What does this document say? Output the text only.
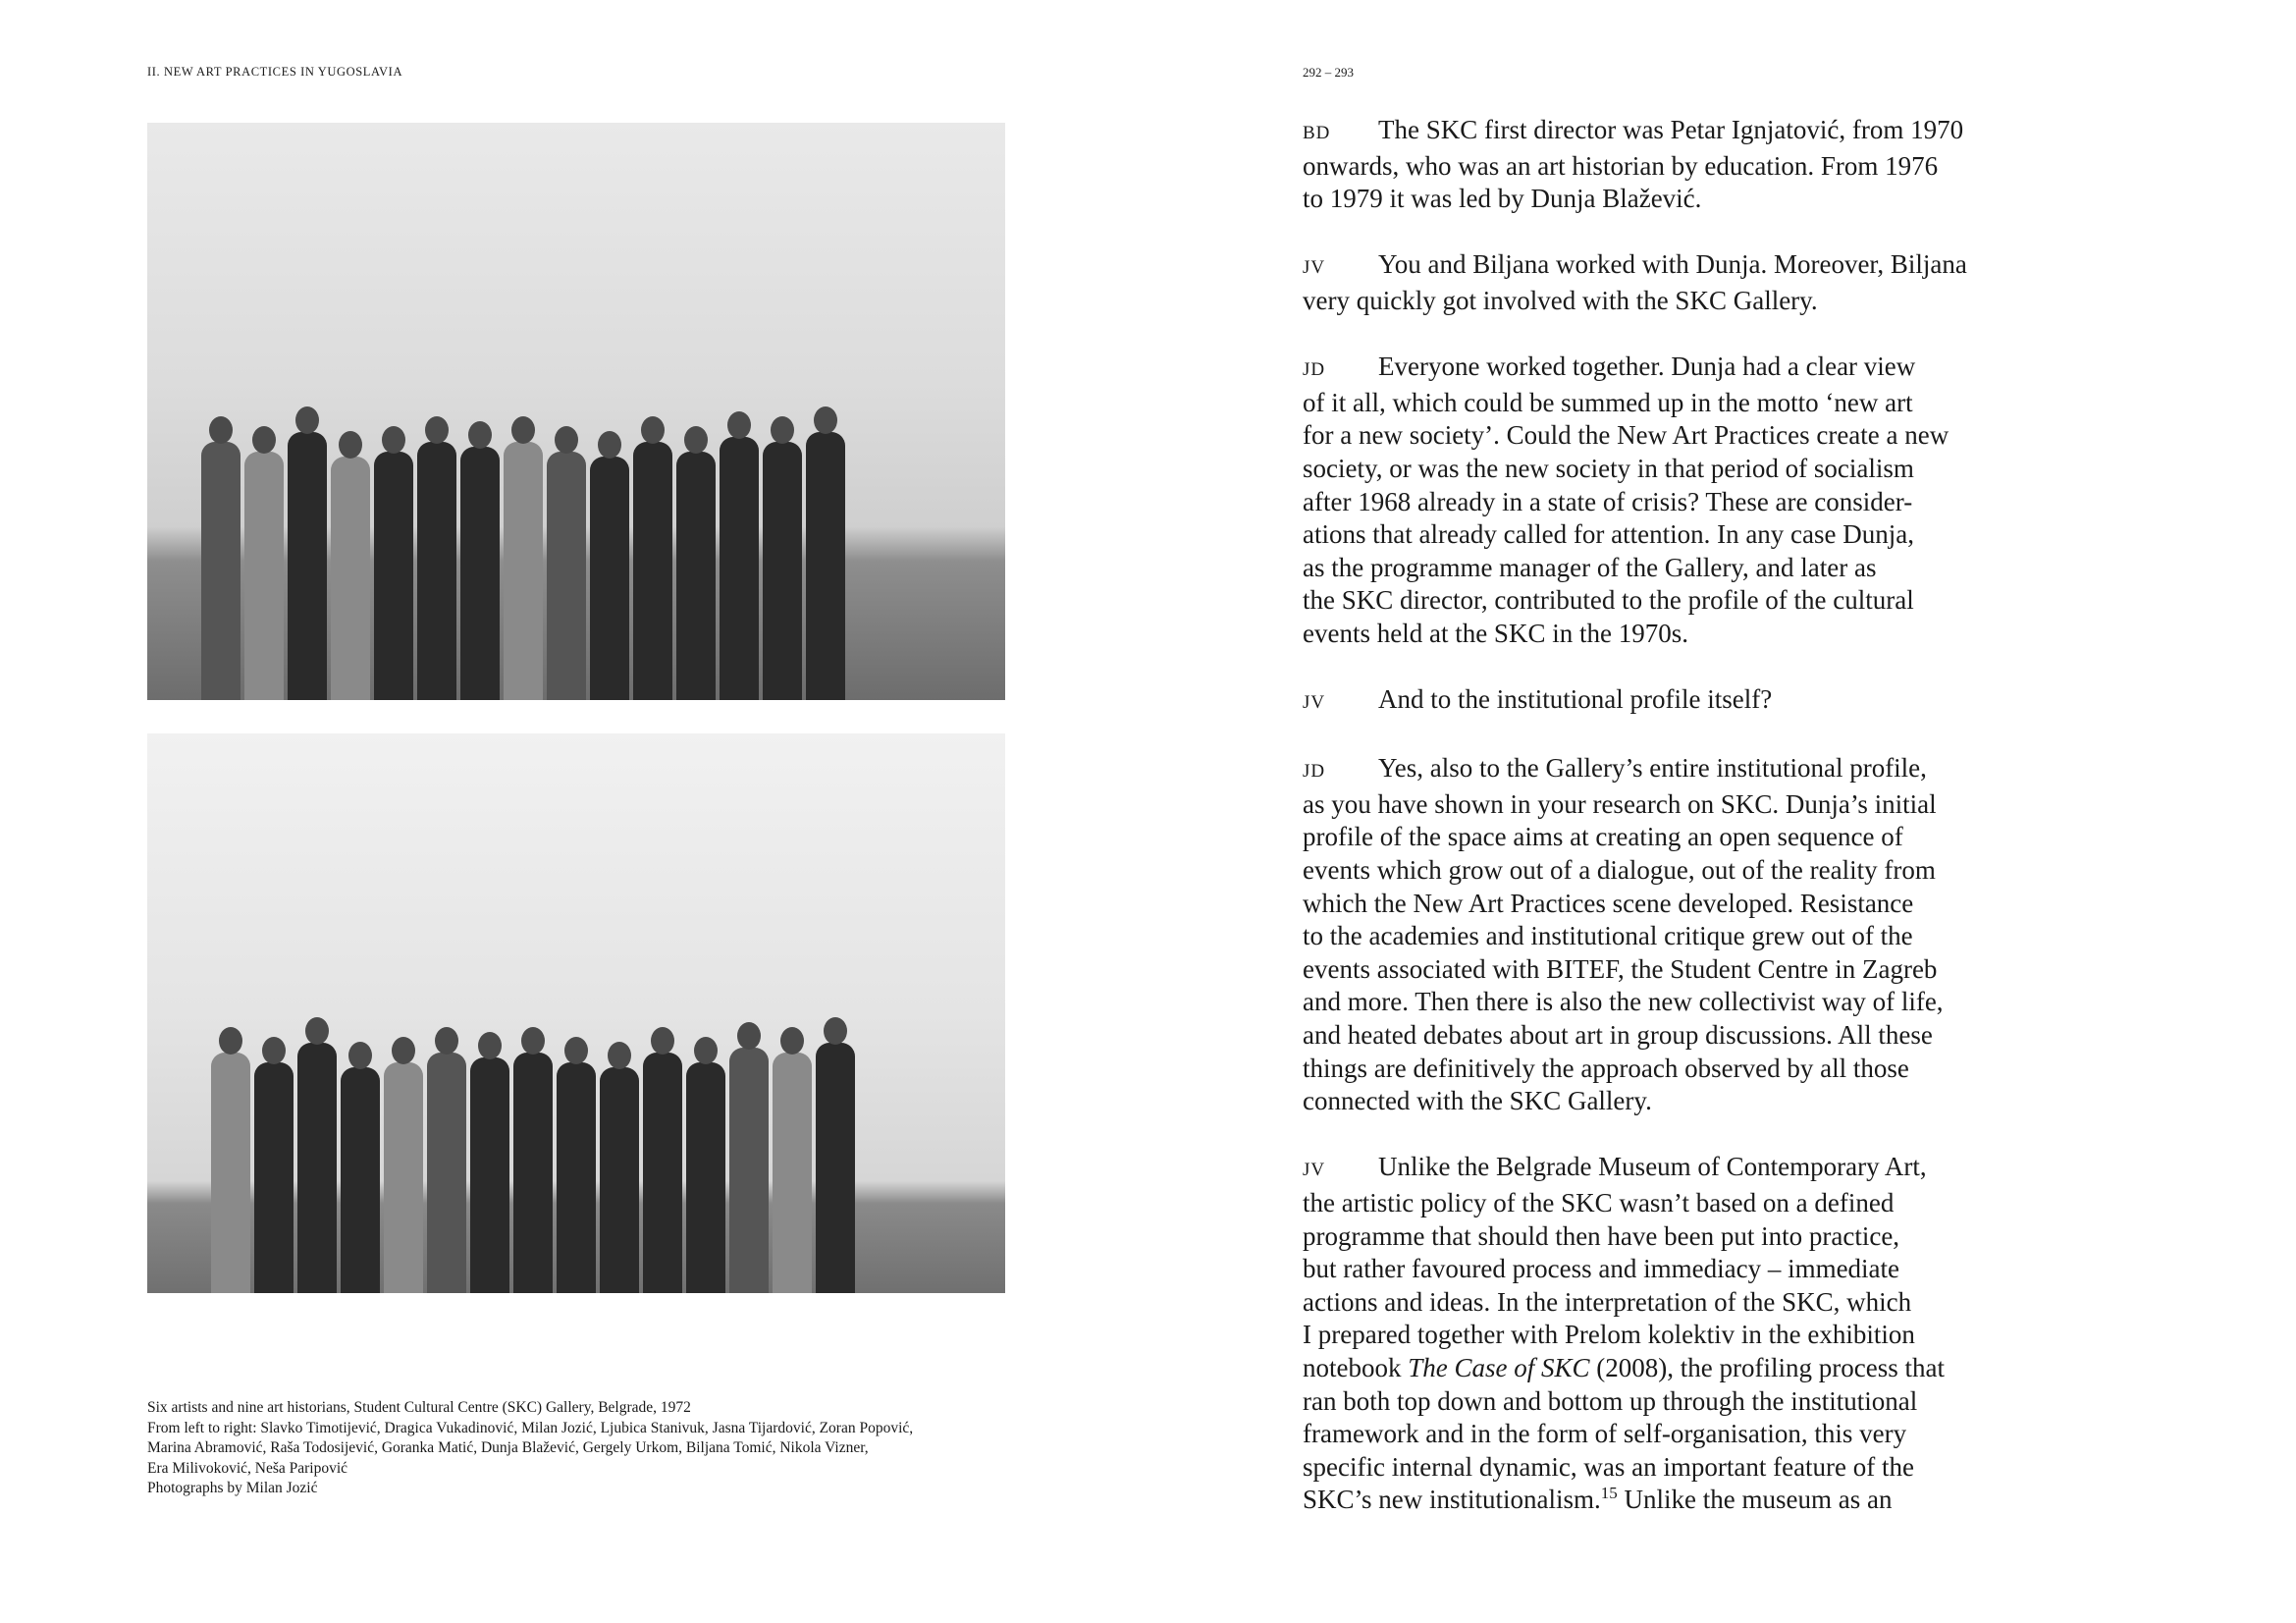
II. NEW ART PRACTICES IN YUGOSLAVIA	292 – 293
Six artists and nine art historians, Student Cultural Centre (SKC) Gallery, Belgrade, 1972
From left to right: Slavko Timotijević, Dragica Vukadinović, Milan Jozić, Ljubica Stanivuk, Jasna Tijardović, Zoran Popović,
Marina Abramović, Raša Todosijević, Goranka Matić, Dunja Blažević, Gergely Urkom, Biljana Tomić, Nikola Vizner,
Era Milivoković, Neša Paripović
Photographs by Milan Jozić
BD The SKC first director was Petar Ignjatović, from 1970
onwards, who was an art historian by education. From 1976
to 1979 it was led by Dunja Blažević.
JV You and Biljana worked with Dunja. Moreover, Biljana
very quickly got involved with the SKC Gallery.
JD Everyone worked together. Dunja had a clear view
of it all, which could be summed up in the motto ‘new art
for a new society’. Could the New Art Practices create a new
society, or was the new society in that period of socialism
after 1968 already in a state of crisis? These are consider-
ations that already called for attention. In any case Dunja,
as the programme manager of the Gallery, and later as
the SKC director, contributed to the profile of the cultural
events held at the SKC in the 1970s.
JV And to the institutional profile itself?
JD Yes, also to the Gallery’s entire institutional profile,
as you have shown in your research on SKC. Dunja’s initial
profile of the space aims at creating an open sequence of
events which grow out of a dialogue, out of the reality from
which the New Art Practices scene developed. Resistance
to the academies and institutional critique grew out of the
events associated with BITEF, the Student Centre in Zagreb
and more. Then there is also the new collectivist way of life,
and heated debates about art in group discussions. All these
things are definitively the approach observed by all those
connected with the SKC Gallery.
JV Unlike the Belgrade Museum of Contemporary Art,
the artistic policy of the SKC wasn’t based on a defined
programme that should then have been put into practice,
but rather favoured process and immediacy – immediate
actions and ideas. In the interpretation of the SKC, which
I prepared together with Prelom kolektiv in the exhibition
notebook The Case of SKC (2008), the profiling process that
ran both top down and bottom up through the institutional
framework and in the form of self-organisation, this very
specific internal dynamic, was an important feature of the
SKC’s new institutionalism.$^{15}$ Unlike the museum as an
